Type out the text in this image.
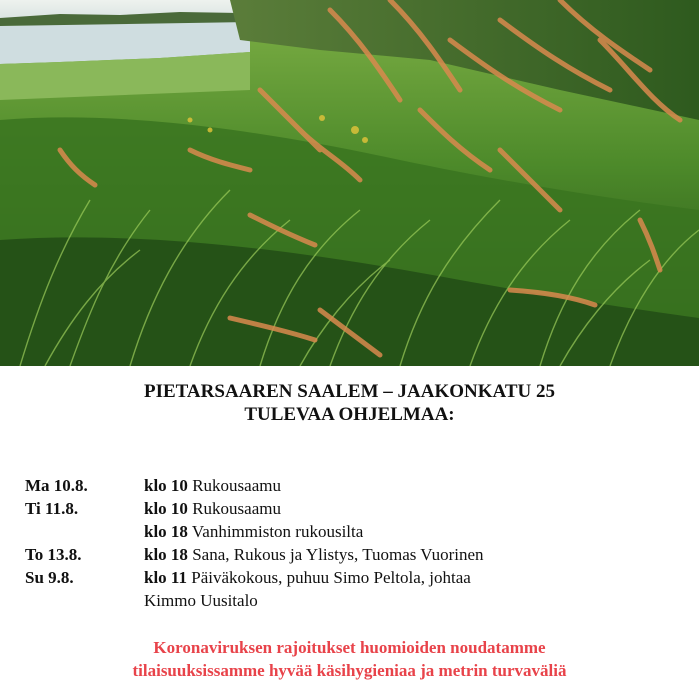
PIETARSAAREN SAALEM – JAAKONKATU 25
TULEVAA OHJELMAA:
Ma 10.8.	klo 10 Rukousaamu
Ti 11.8.	klo 10 Rukousaamu
klo 18 Vanhimmiston rukousilta
To 13.8.	klo 18 Sana, Rukous ja Ylistys, Tuomas Vuorinen
Su 9.8.	klo 11 Päiväkokous, puhuu Simo Peltola, johtaa
Kimmo Uusitalo
Koronaviruksen rajoitukset huomioiden noudatamme
tilaisuuksissamme hyvää käsihygieniaa ja metrin turvaväliä
